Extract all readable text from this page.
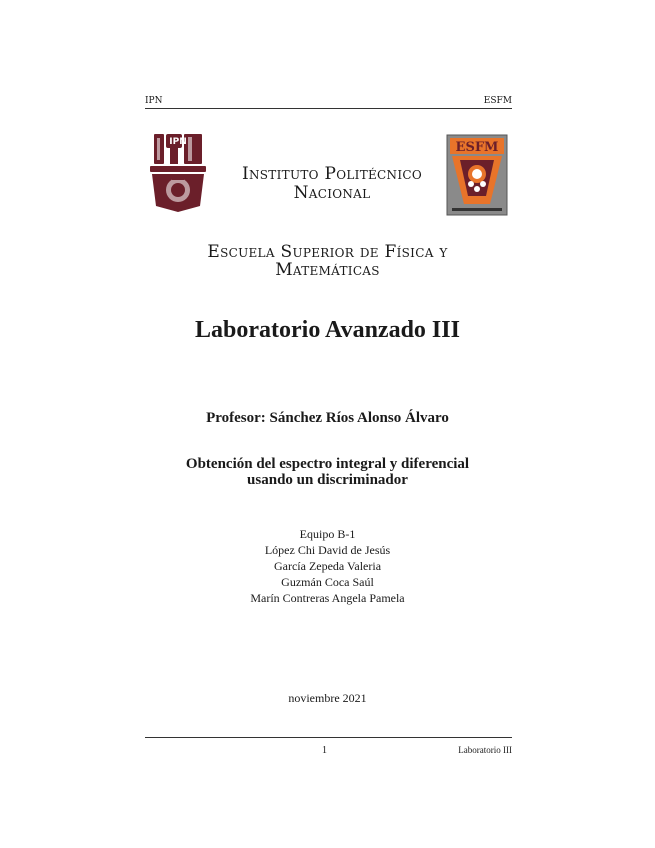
IPN	ESFM
IPN
Instituto Politécnico
Nacional
ESFM
Escuela Superior de Física y
Matemáticas
Laboratorio Avanzado III
Profesor: Sánchez Ríos Alonso Álvaro
Obtención del espectro integral y diferencial
usando un discriminador
Equipo B-1
López Chi David de Jesús
García Zepeda Valeria
Guzmán Coca Saúl
Marín Contreras Angela Pamela
noviembre 2021
1	Laboratorio III
